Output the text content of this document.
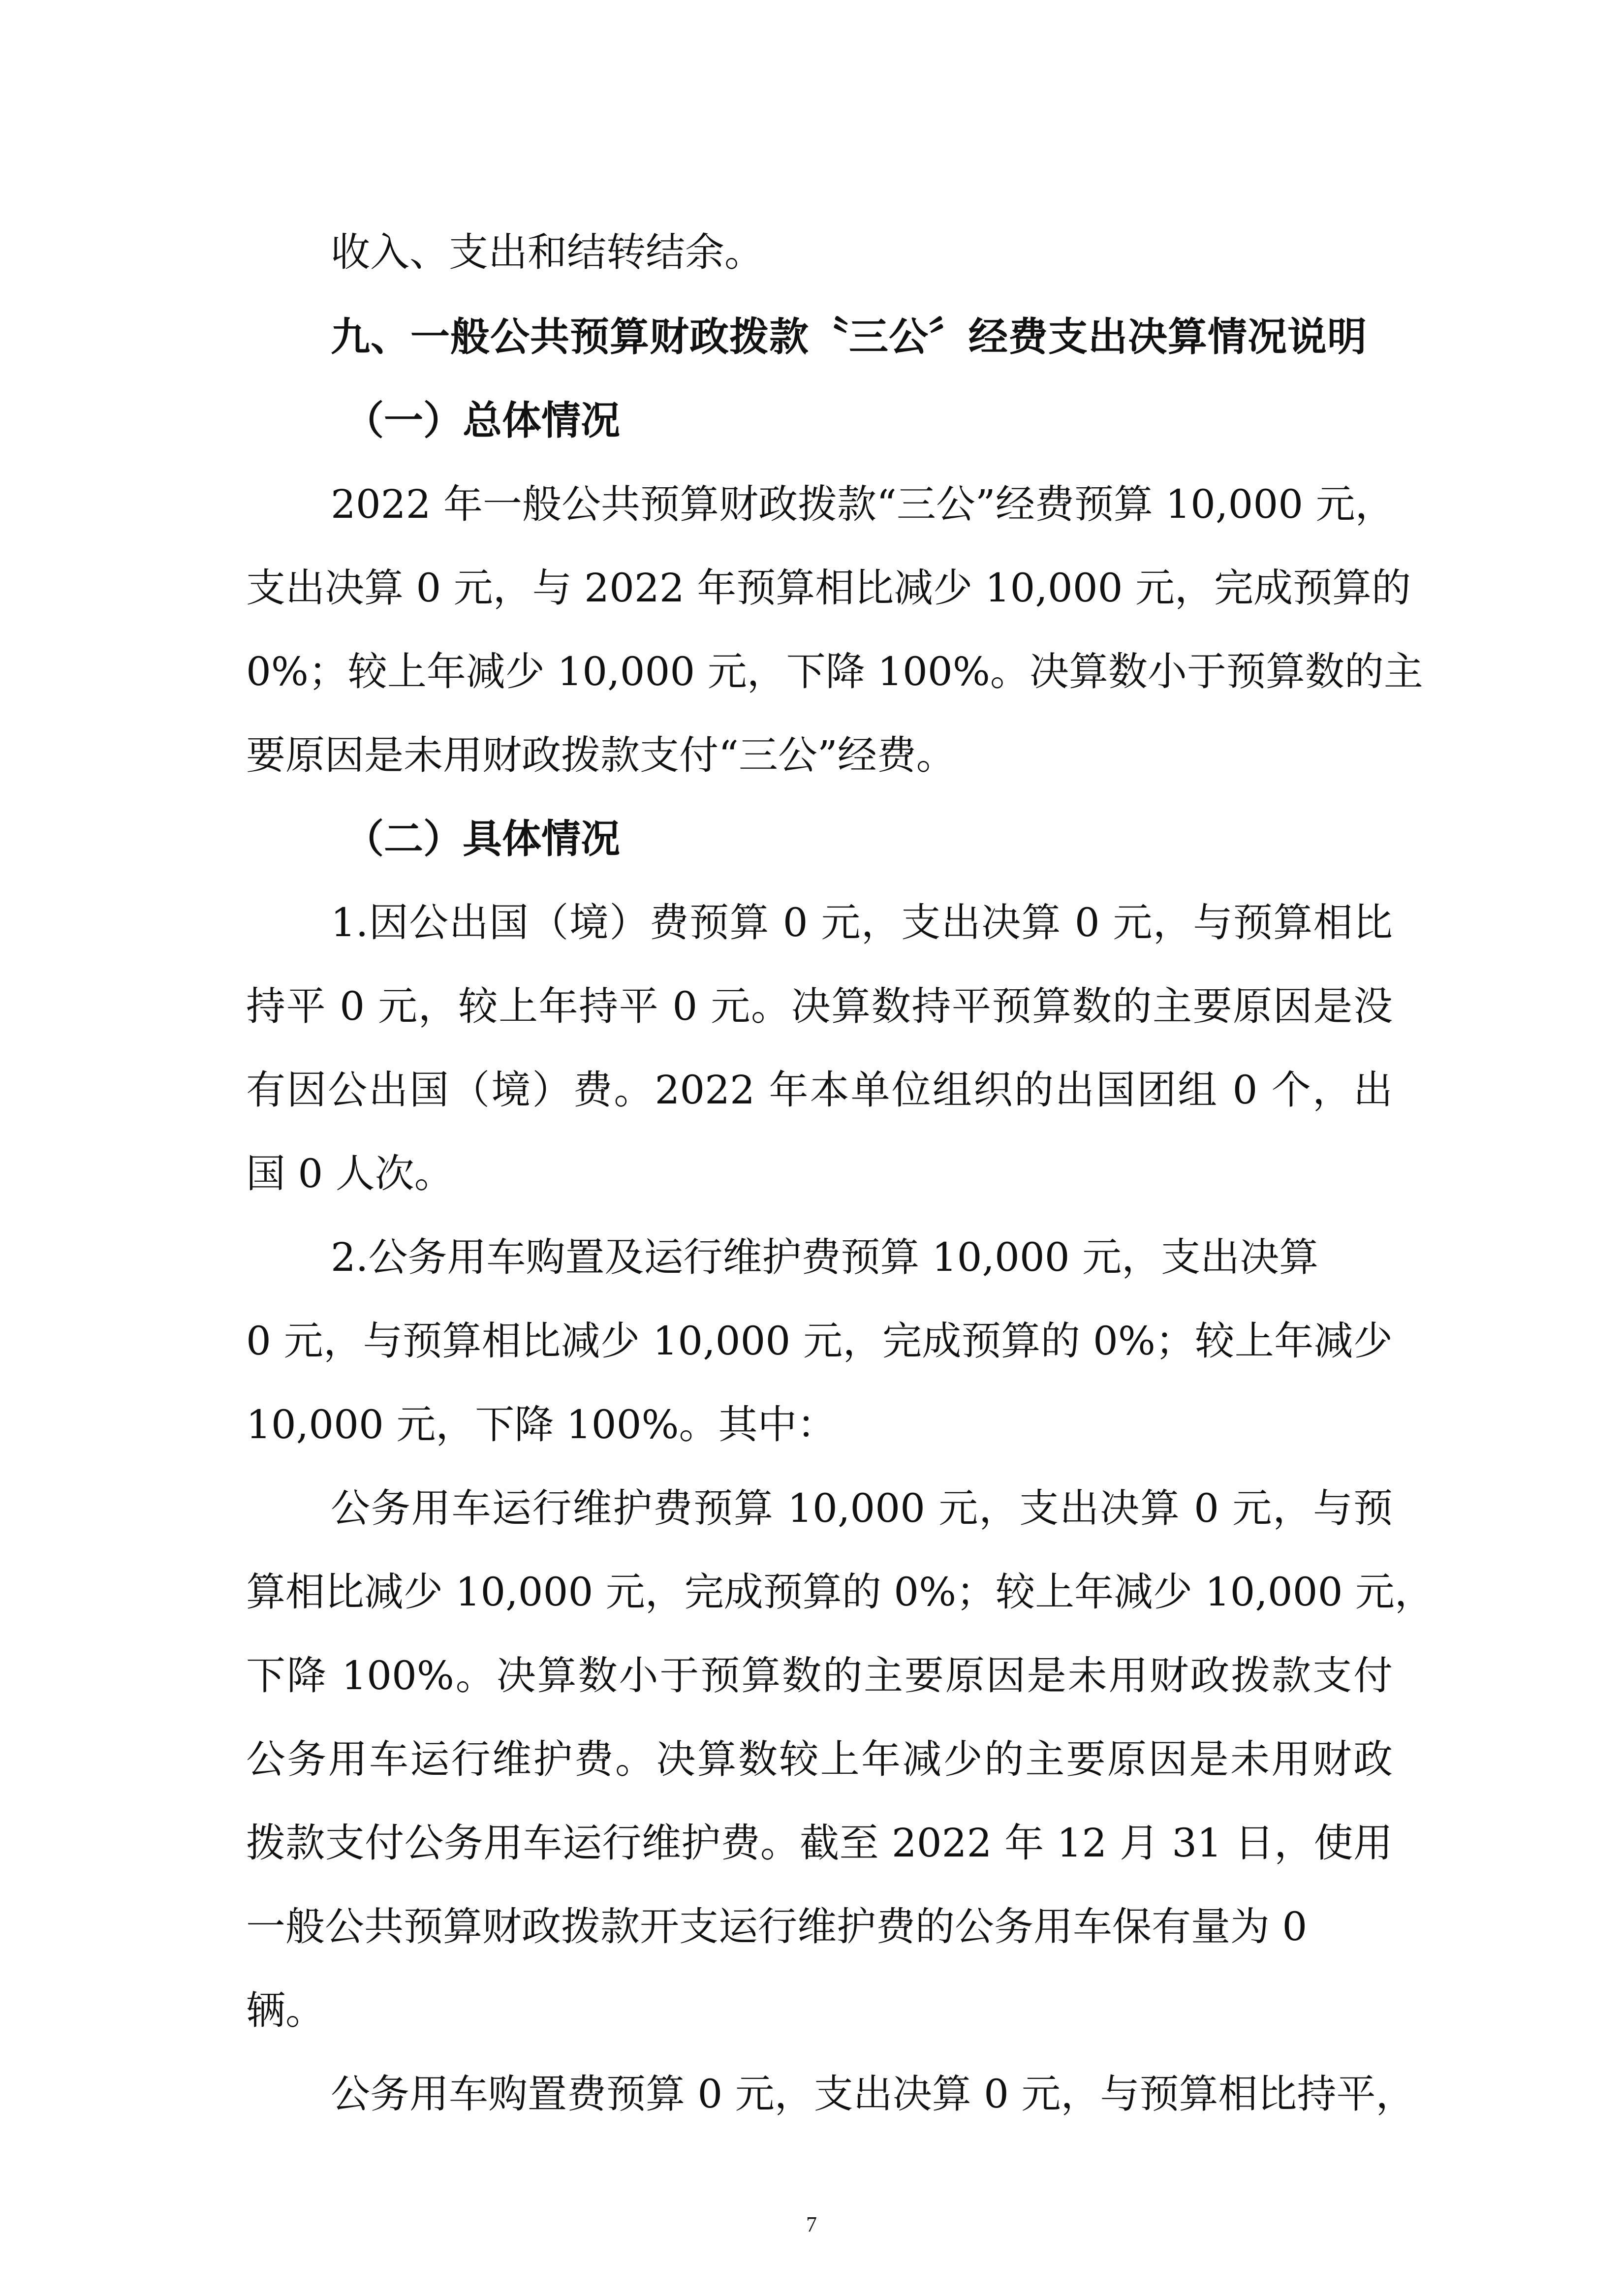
收入、支出和结转结余。
九、一般公共预算财政拨款〝三公〞经费支出决算情况说明
（一）总体情况
2022 年一般公共预算财政拨款“三公”经费预算 10,000 元，
支出决算 0 元，与 2022 年预算相比减少 10,000 元，完成预算的
0%；较上年减少 10,000 元，下降 100%。决算数小于预算数的主
要原因是未用财政拨款支付“三公”经费。
（二）具体情况
1.因公出国（境）费预算 0 元，支出决算 0 元，与预算相比
持平 0 元，较上年持平 0 元。决算数持平预算数的主要原因是没
有因公出国（境）费。2022 年本单位组织的出国团组 0 个，出
国 0 人次。
2.公务用车购置及运行维护费预算 10,000 元，支出决算
0 元，与预算相比减少 10,000 元，完成预算的 0%；较上年减少
10,000 元，下降 100%。其中：
公务用车运行维护费预算 10,000 元，支出决算 0 元，与预
算相比减少 10,000 元，完成预算的 0%；较上年减少 10,000 元，
下降 100%。决算数小于预算数的主要原因是未用财政拨款支付
公务用车运行维护费。决算数较上年减少的主要原因是未用财政
拨款支付公务用车运行维护费。截至 2022 年 12 月 31 日，使用
一般公共预算财政拨款开支运行维护费的公务用车保有量为 0
辆。
公务用车购置费预算 0 元，支出决算 0 元，与预算相比持平，
7
